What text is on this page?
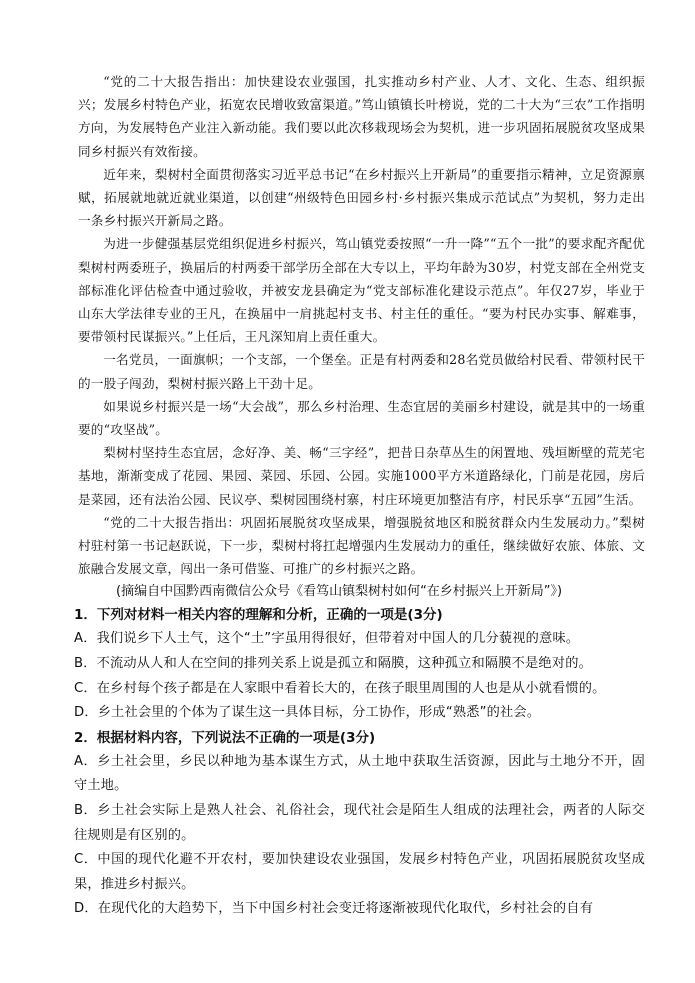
“党的二十大报告指出：加快建设农业强国，扎实推动乡村产业、人才、文化、生态、组织振兴；发展乡村特色产业，拓宽农民增收致富渠道。”笃山镇镇长叶榜说，党的二十大为“三农”工作指明方向，为发展特色产业注入新动能。我们要以此次移栽现场会为契机，进一步巩固拓展脱贫攻坚成果同乡村振兴有效衔接。

近年来，梨树村全面贯彻落实习近平总书记“在乡村振兴上开新局”的重要指示精神，立足资源禀赋，拓展就地就近就业渠道，以创建“州级特色田园乡村·乡村振兴集成示范试点”为契机，努力走出一条乡村振兴开新局之路。

为进一步健强基层党组织促进乡村振兴，笃山镇党委按照“一升一降”“五个一批”的要求配齐配优梨树村两委班子，换届后的村两委干部学历全部在大专以上，平均年龄为30岁，村党支部在全州党支部标准化评估检查中通过验收，并被安龙县确定为“党支部标准化建设示范点”。年仅27岁，毕业于山东大学法律专业的王凡，在换届中一肩挑起村支书、村主任的重任。“要为村民办实事、解难事，要带领村民谋振兴。”上任后，王凡深知肩上责任重大。

一名党员，一面旗帜；一个支部，一个堡垒。正是有村两委和28名党员做给村民看、带领村民干的一股子闯劲，梨树村振兴路上干劲十足。

如果说乡村振兴是一场“大会战”，那么乡村治理、生态宜居的美丽乡村建设，就是其中的一场重要的“攻坚战”。

梨树村坚持生态宜居，念好净、美、畅“三字经”，把昔日杂草丛生的闲置地、残垣断壁的荒芜宅基地，渐渐变成了花园、果园、菜园、乐园、公园。实施1000平方米道路绿化，门前是花园，房后是菜园，还有法治公园、民议亭、梨树园围绕村寨，村庄环境更加整洁有序，村民乐享“五园”生活。

“党的二十大报告指出：巩固拓展脱贫攻坚成果，增强脱贫地区和脱贫群众内生发展动力。”梨树村驻村第一书记赵跃说，下一步，梨树村将扛起增强内生发展动力的重任，继续做好农旅、体旅、文旅融合发展文章，闯出一条可借鉴、可推广的乡村振兴之路。

(摘编自中国黔西南微信公众号《看笃山镇梨树村如何“在乡村振兴上开新局”》)

1．下列对材料一相关内容的理解和分析，正确的一项是(3分)

A．我们说乡下人土气，这个“土”字虽用得很好，但带着对中国人的几分藐视的意味。

B．不流动从人和人在空间的排列关系上说是孤立和隔膜，这种孤立和隔膜不是绝对的。

C．在乡村每个孩子都是在人家眼中看着长大的，在孩子眼里周围的人也是从小就看惯的。

D．乡土社会里的个体为了谋生这一具体目标，分工协作，形成“熟悉”的社会。

2．根据材料内容，下列说法不正确的一项是(3分)

A．乡土社会里，乡民以种地为基本谋生方式，从土地中获取生活资源，因此与土地分不开，固守土地。

B．乡土社会实际上是熟人社会、礼俗社会，现代社会是陌生人组成的法理社会，两者的人际交往规则是有区别的。

C．中国的现代化避不开农村，要加快建设农业强国，发展乡村特色产业，巩固拓展脱贫攻坚成果，推进乡村振兴。

D．在现代化的大趋势下，当下中国乡村社会变迁将逐渐被现代化取代，乡村社会的自有
